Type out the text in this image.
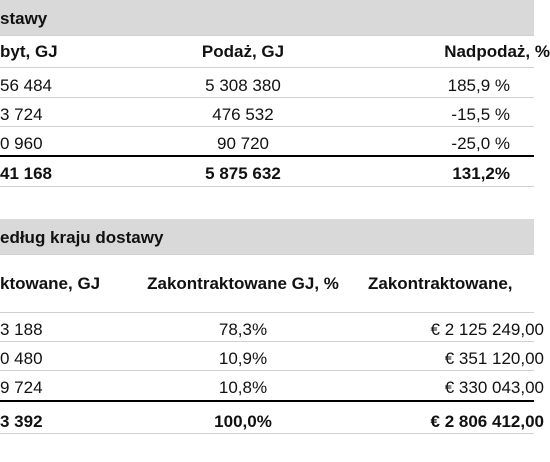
stawy
byt, GJ	Podaż, GJ	Nadpodaż, %
56 484	5 308 380	185,9 %
3 724	476 532	-15,5 %
0 960	90 720	-25,0 %
41 168	5 875 632	131,2%
edług kraju dostawy
ktowane, GJ	Zakontraktowane GJ, %	Zakontraktowane,
3 188	78,3%	€ 2 125 249,00
0 480	10,9%	€ 351 120,00
9 724	10,8%	€ 330 043,00
3 392	100,0%	€ 2 806 412,00
